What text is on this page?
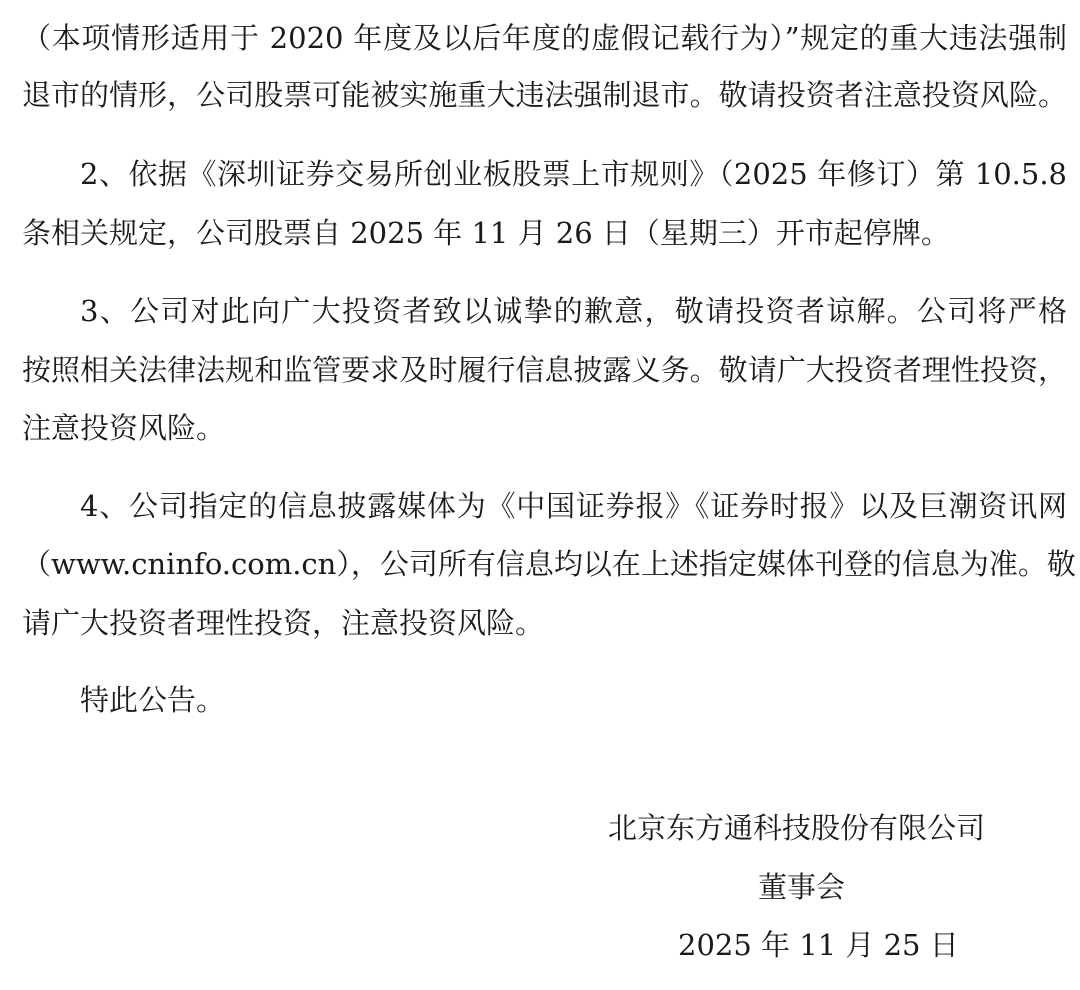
（本项情形适用于 2020 年度及以后年度的虚假记载行为）”规定的重大违法强制
退市的情形，公司股票可能被实施重大违法强制退市。敬请投资者注意投资风险。
2、依据《深圳证券交易所创业板股票上市规则》（2025 年修订）第 10.5.8
条相关规定，公司股票自 2025 年 11 月 26 日（星期三）开市起停牌。
3、公司对此向广大投资者致以诚挚的歉意，敬请投资者谅解。公司将严格
按照相关法律法规和监管要求及时履行信息披露义务。敬请广大投资者理性投资，
注意投资风险。
4、公司指定的信息披露媒体为《中国证券报》《证券时报》以及巨潮资讯网
（www.cninfo.com.cn），公司所有信息均以在上述指定媒体刊登的信息为准。敬
请广大投资者理性投资，注意投资风险。
特此公告。
北京东方通科技股份有限公司
董事会
2025 年 11 月 25 日
